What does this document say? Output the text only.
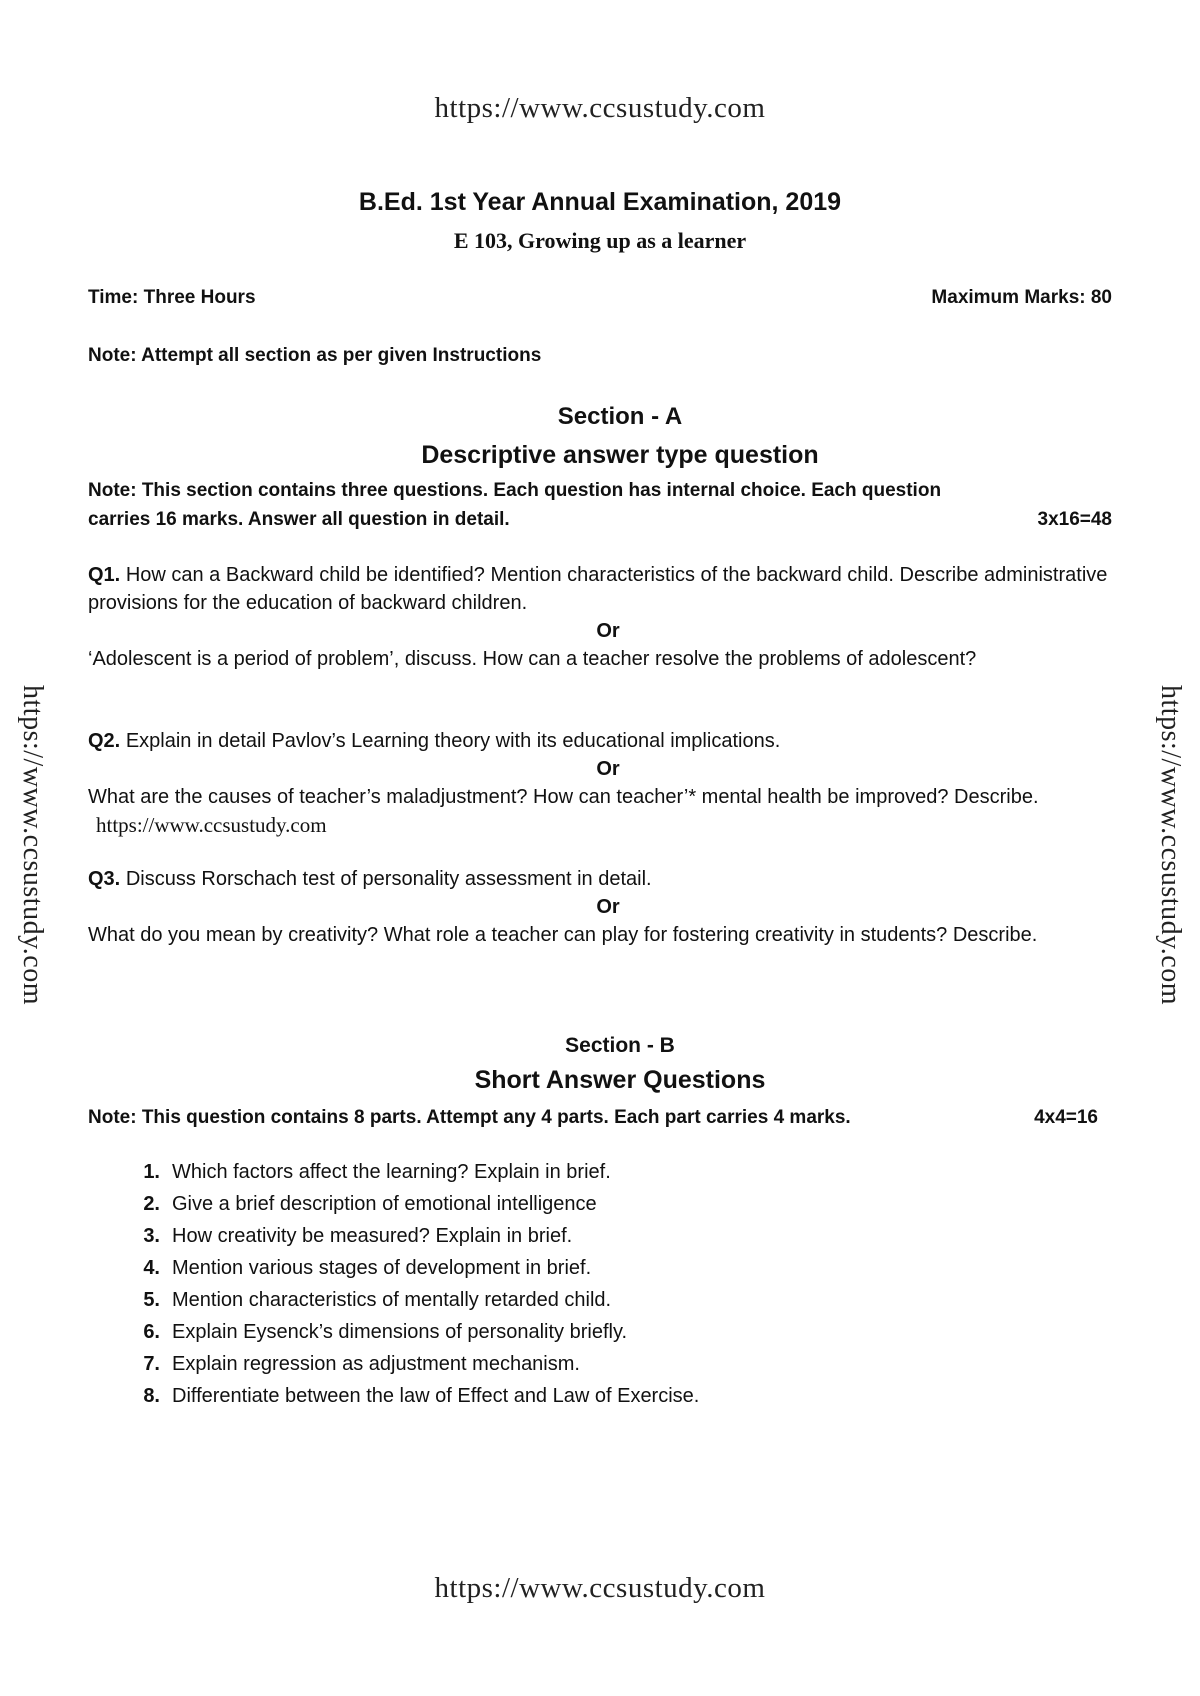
https://www.ccsustudy.com
https://www.ccsustudy.com	https://www.ccsustudy.com
B.Ed. 1st Year Annual Examination, 2019
E 103, Growing up as a learner
Time: Three Hours	Maximum Marks: 80
Note: Attempt all section as per given Instructions
Section - A
Descriptive answer type question
Note: This section contains three questions. Each question has internal choice. Each question
carries 16 marks. Answer all question in detail.	3x16=48
Q1. How can a Backward child be identified? Mention characteristics of the backward child. Describe administrative provisions for the education of backward children.
Or
‘Adolescent is a period of problem’, discuss. How can a teacher resolve the problems of adolescent?
Q2. Explain in detail Pavlov’s Learning theory with its educational implications.
Or
What are the causes of teacher’s maladjustment? How can teacher’* mental health be improved? Describe. https://www.ccsustudy.com
Q3. Discuss Rorschach test of personality assessment in detail.
Or
What do you mean by creativity? What role a teacher can play for fostering creativity in students? Describe.
Section - B
Short Answer Questions
Note: This question contains 8 parts. Attempt any 4 parts. Each part carries 4 marks.	4x4=16
1. Which factors affect the learning? Explain in brief.
2. Give a brief description of emotional intelligence
3. How creativity be measured? Explain in brief.
4. Mention various stages of development in brief.
5. Mention characteristics of mentally retarded child.
6. Explain Eysenck’s dimensions of personality briefly.
7. Explain regression as adjustment mechanism.
8. Differentiate between the law of Effect and Law of Exercise.
https://www.ccsustudy.com
